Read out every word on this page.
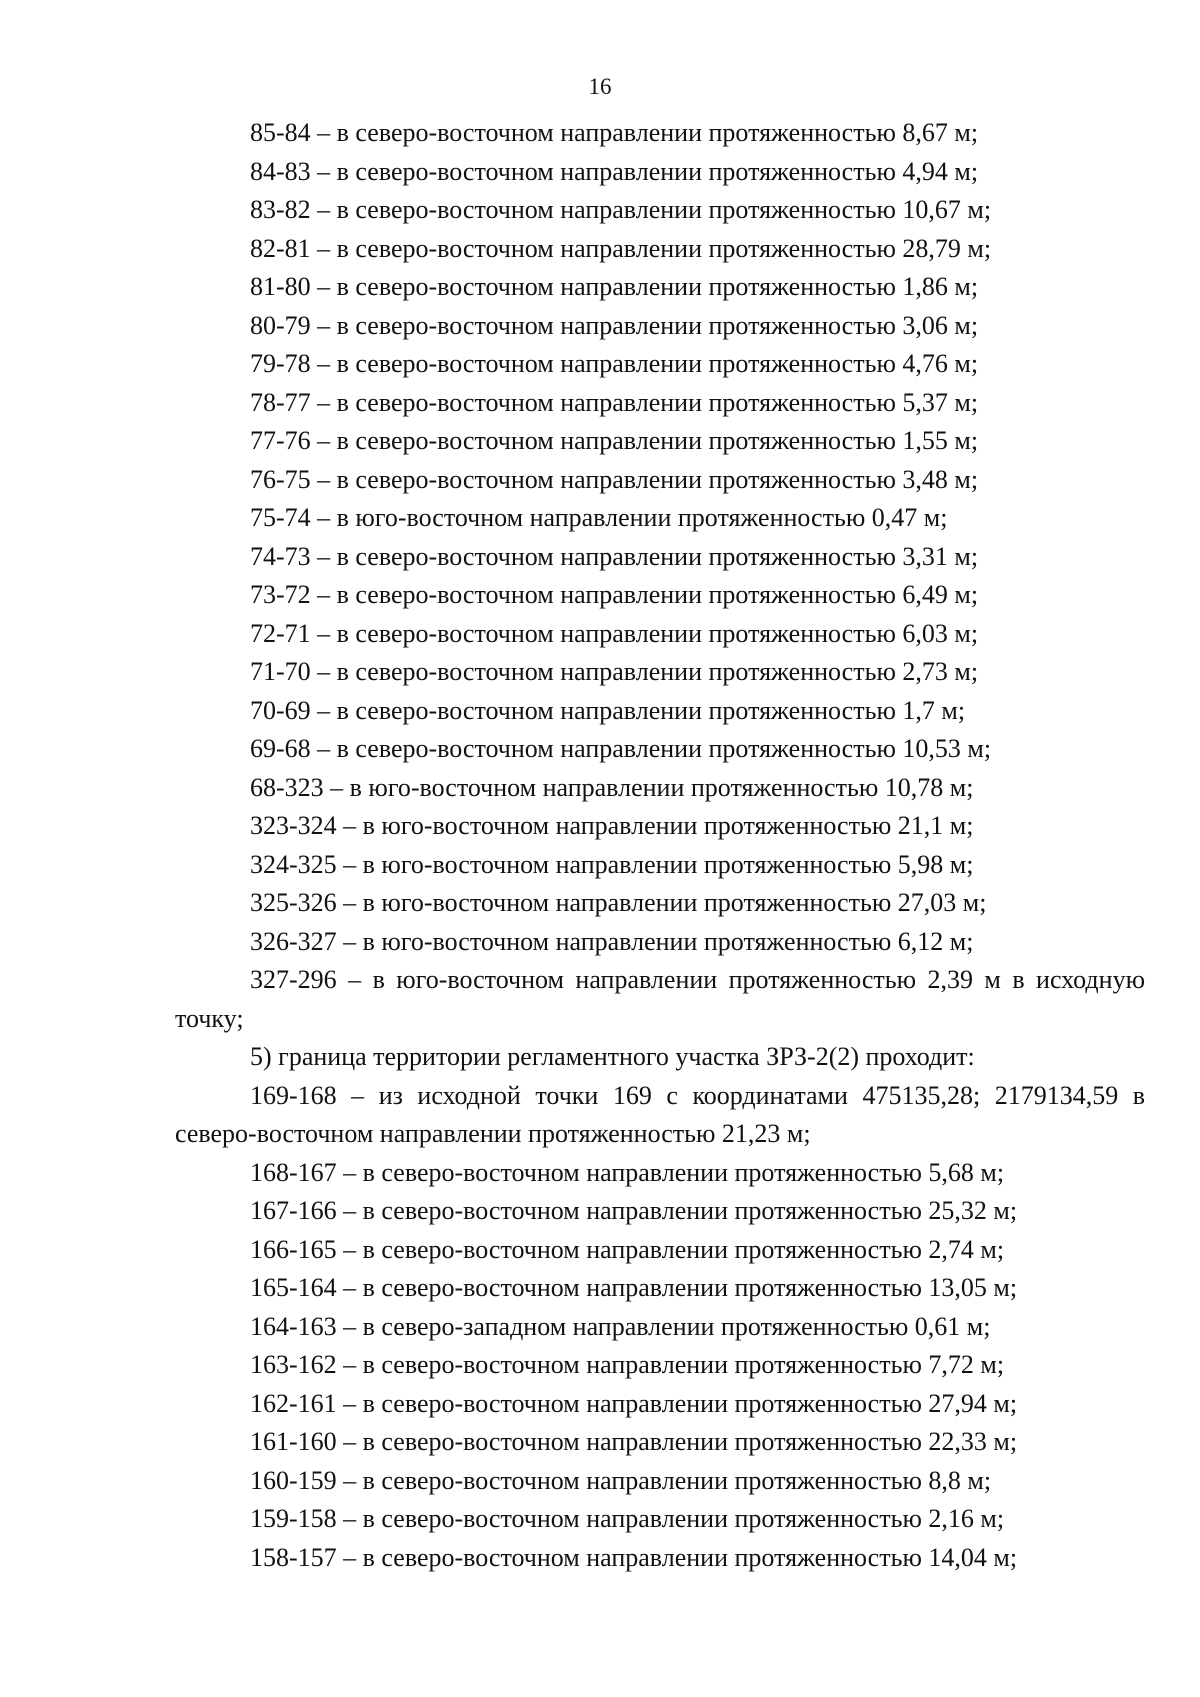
16
85-84 – в северо-восточном направлении протяженностью 8,67 м;
84-83 – в северо-восточном направлении протяженностью 4,94 м;
83-82 – в северо-восточном направлении протяженностью 10,67 м;
82-81 – в северо-восточном направлении протяженностью 28,79 м;
81-80 – в северо-восточном направлении протяженностью 1,86 м;
80-79 – в северо-восточном направлении протяженностью 3,06 м;
79-78 – в северо-восточном направлении протяженностью 4,76 м;
78-77 – в северо-восточном направлении протяженностью 5,37 м;
77-76 – в северо-восточном направлении протяженностью 1,55 м;
76-75 – в северо-восточном направлении протяженностью 3,48 м;
75-74 – в юго-восточном направлении протяженностью 0,47 м;
74-73 – в северо-восточном направлении протяженностью 3,31 м;
73-72 – в северо-восточном направлении протяженностью 6,49 м;
72-71 – в северо-восточном направлении протяженностью 6,03 м;
71-70 – в северо-восточном направлении протяженностью 2,73 м;
70-69 – в северо-восточном направлении протяженностью 1,7 м;
69-68 – в северо-восточном направлении протяженностью 10,53 м;
68-323 – в юго-восточном направлении протяженностью 10,78 м;
323-324 – в юго-восточном направлении протяженностью 21,1 м;
324-325 – в юго-восточном направлении протяженностью 5,98 м;
325-326 – в юго-восточном направлении протяженностью 27,03 м;
326-327 – в юго-восточном направлении протяженностью 6,12 м;
327-296 – в юго-восточном направлении протяженностью 2,39 м в исходную точку;
5) граница территории регламентного участка ЗРЗ-2(2) проходит:
169-168 – из исходной точки 169 с координатами 475135,28; 2179134,59 в северо-восточном направлении протяженностью 21,23 м;
168-167 – в северо-восточном направлении протяженностью 5,68 м;
167-166 – в северо-восточном направлении протяженностью 25,32 м;
166-165 – в северо-восточном направлении протяженностью 2,74 м;
165-164 – в северо-восточном направлении протяженностью 13,05 м;
164-163 – в северо-западном направлении протяженностью 0,61 м;
163-162 – в северо-восточном направлении протяженностью 7,72 м;
162-161 – в северо-восточном направлении протяженностью 27,94 м;
161-160 – в северо-восточном направлении протяженностью 22,33 м;
160-159 – в северо-восточном направлении протяженностью 8,8 м;
159-158 – в северо-восточном направлении протяженностью 2,16 м;
158-157 – в северо-восточном направлении протяженностью 14,04 м;
